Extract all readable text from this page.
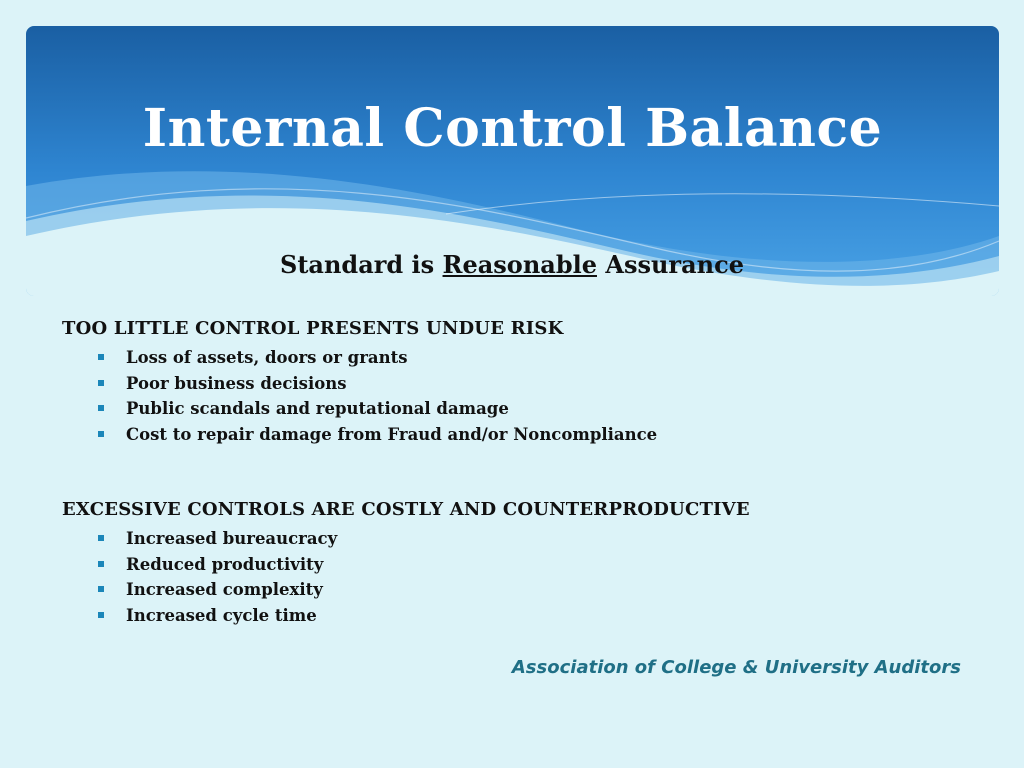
Internal Control Balance

Standard is Reasonable Assurance

TOO LITTLE CONTROL PRESENTS UNDUE RISK
Loss of assets, doors or grants
Poor business decisions
Public scandals and reputational damage
Cost to repair damage from Fraud and/or Noncompliance
EXCESSIVE CONTROLS ARE COSTLY AND COUNTERPRODUCTIVE
Increased bureaucracy
Reduced productivity
Increased complexity
Increased cycle time

Association of College & University Auditors
